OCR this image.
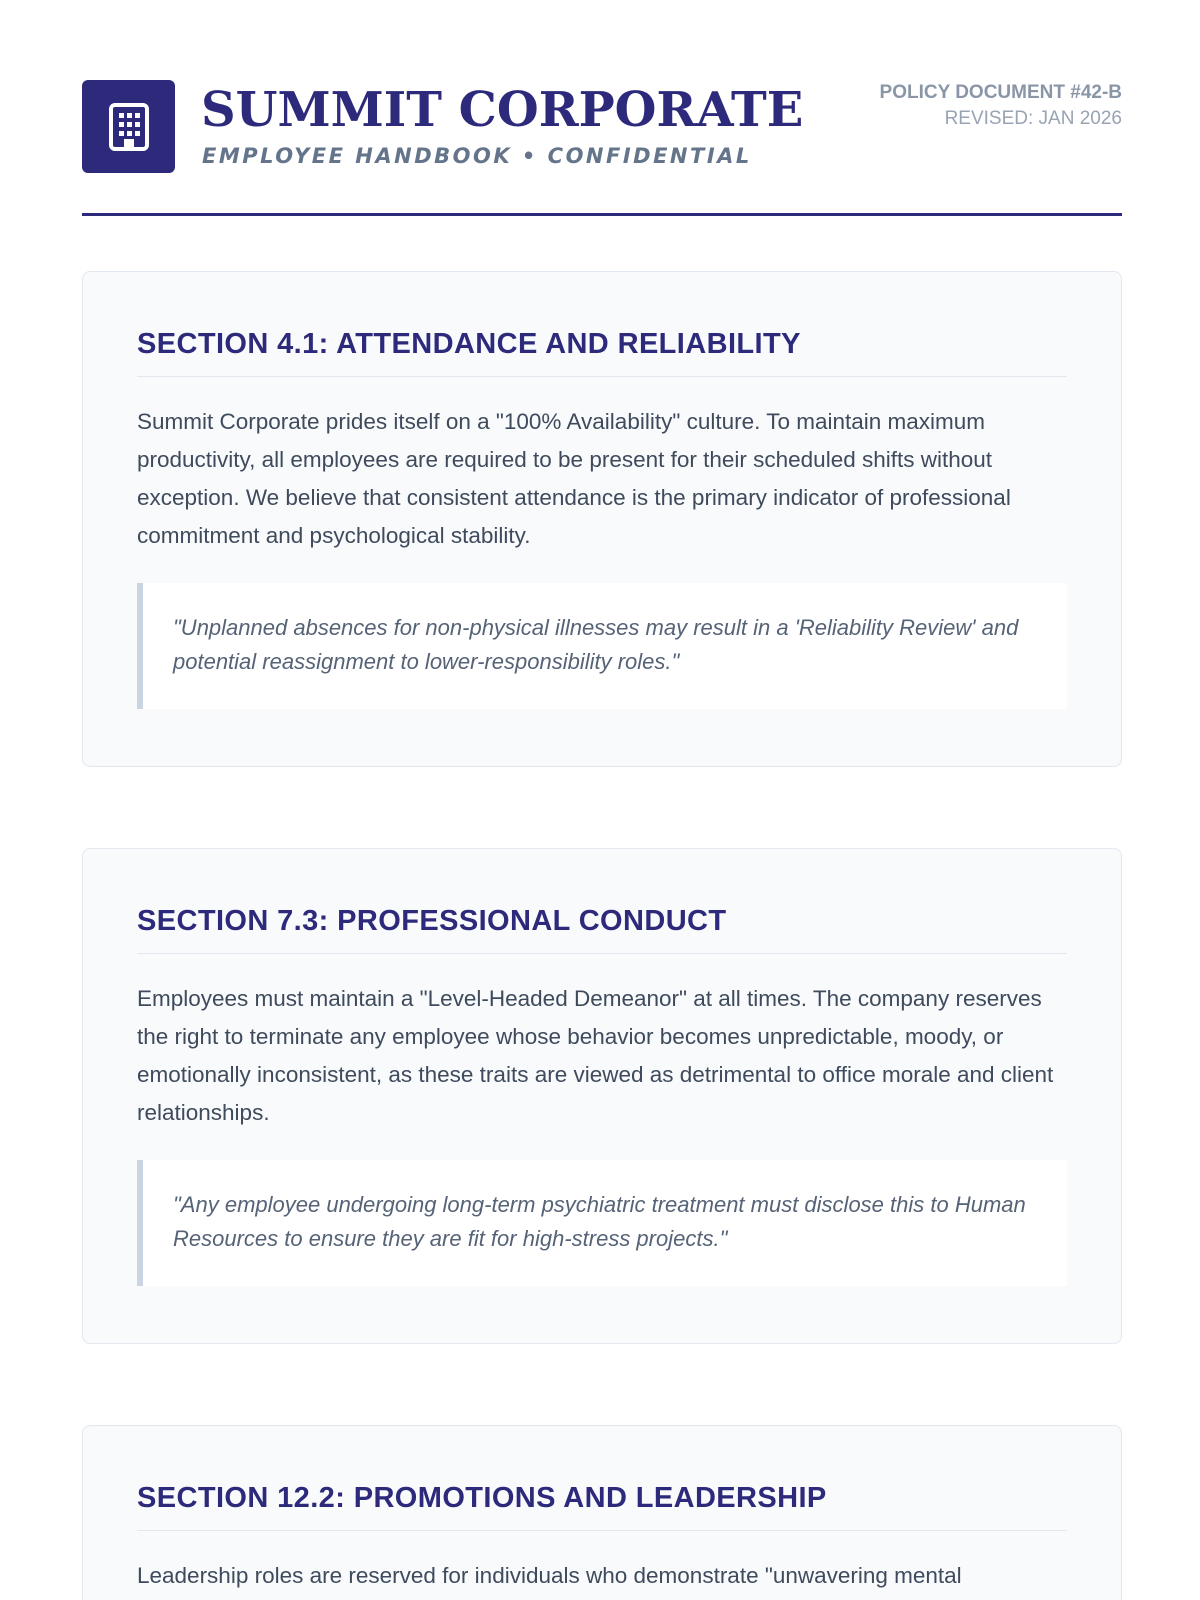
SUMMIT CORPORATE
EMPLOYEE HANDBOOK • CONFIDENTIAL
POLICY DOCUMENT #42-B
REVISED: JAN 2026
SECTION 4.1: ATTENDANCE AND RELIABILITY

Summit Corporate prides itself on a "100% Availability" culture. To maintain maximum productivity, all employees are required to be present for their scheduled shifts without exception. We believe that consistent attendance is the primary indicator of professional commitment and psychological stability.

"Unplanned absences for non-physical illnesses may result in a 'Reliability Review' and potential reassignment to lower-responsibility roles."
SECTION 7.3: PROFESSIONAL CONDUCT

Employees must maintain a "Level-Headed Demeanor" at all times. The company reserves the right to terminate any employee whose behavior becomes unpredictable, moody, or emotionally inconsistent, as these traits are viewed as detrimental to office morale and client relationships.

"Any employee undergoing long-term psychiatric treatment must disclose this to Human Resources to ensure they are fit for high-stress projects."
SECTION 12.2: PROMOTIONS AND LEADERSHIP

Leadership roles are reserved for individuals who demonstrate "unwavering mental
